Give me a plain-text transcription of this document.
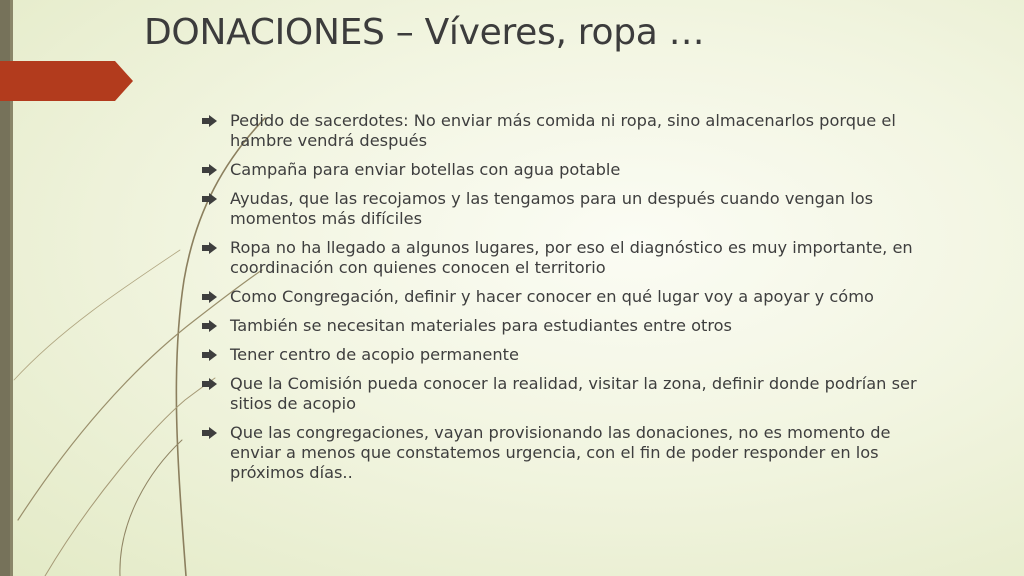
DONACIONES – Víveres, ropa …
Pedido de sacerdotes: No enviar más comida ni ropa, sino almacenarlos porque el hambre vendrá después
Campaña para enviar botellas con agua potable
Ayudas, que las recojamos y las tengamos para un después cuando vengan los momentos más difíciles
Ropa no ha llegado a algunos lugares, por eso el diagnóstico es muy importante, en coordinación con quienes conocen el territorio
Como Congregación, definir y hacer conocer en qué lugar voy a apoyar y cómo
También se necesitan materiales para estudiantes entre otros
Tener centro de acopio permanente
Que la Comisión pueda conocer la realidad, visitar la zona, definir donde podrían ser sitios de acopio
Que las congregaciones, vayan provisionando las donaciones, no es momento de enviar a menos que constatemos urgencia, con el fin de poder responder en los próximos días..
